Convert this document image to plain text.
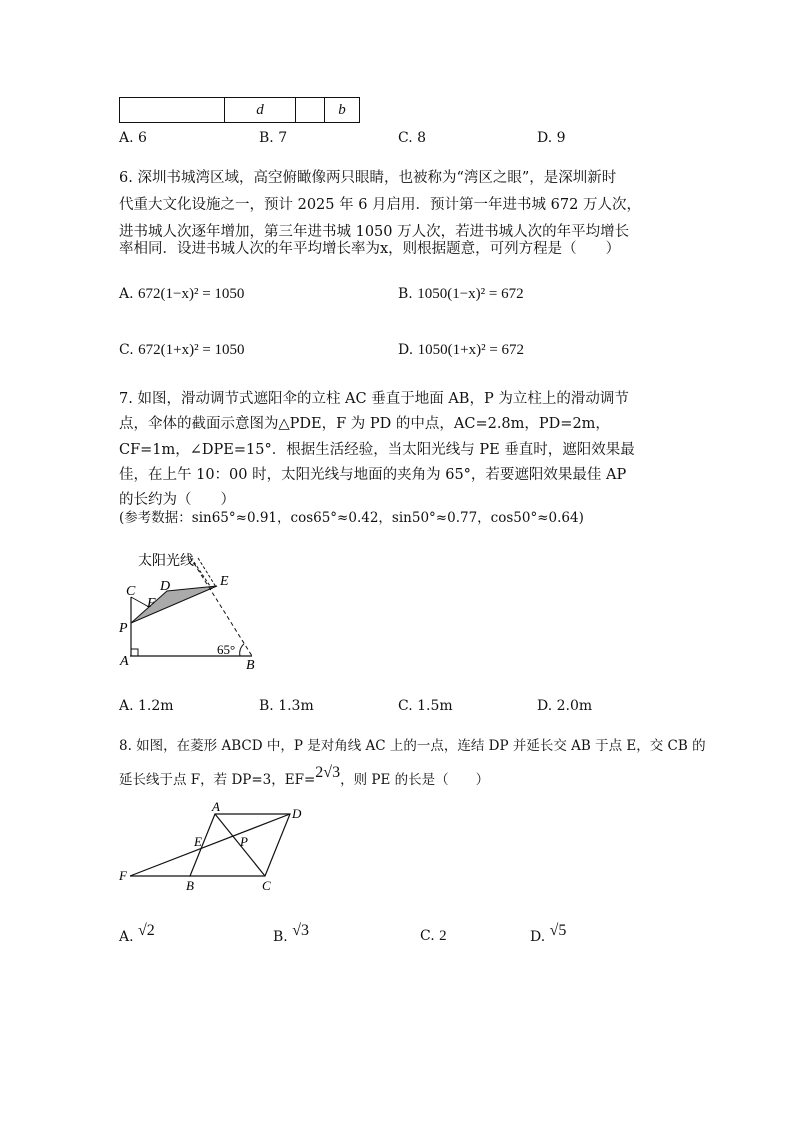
	d		b
A. 6	B. 7	C. 8	D. 9
6. 深圳书城湾区域，高空俯瞰像两只眼睛，也被称为“湾区之眼”，是深圳新时
代重大文化设施之一，预计 2025 年 6 月启用．预计第一年进书城 672 万人次，
进书城人次逐年增加，第三年进书城 1050 万人次，若进书城人次的年平均增长
率相同．设进书城人次的年平均增长率为x，则根据题意，可列方程是（　　）
A. 672(1−x)² = 1050	B. 1050(1−x)² = 672
C. 672(1+x)² = 1050	D. 1050(1+x)² = 672
7. 如图，滑动调节式遮阳伞的立柱 AC 垂直于地面 AB，P 为立柱上的滑动调节
点，伞体的截面示意图为△PDE，F 为 PD 的中点，AC=2.8m，PD=2m，
CF=1m，∠DPE=15°．根据生活经验，当太阳光线与 PE 垂直时，遮阳效果最
佳，在上午 10：00 时，太阳光线与地面的夹角为 65°，若要遮阳效果最佳 AP
的长约为（　　）
(参考数据：sin65°≈0.91，cos65°≈0.42，sin50°≈0.77，cos50°≈0.64)
太阳光线
C D
F
E
P
A	B
65°
A. 1.2m	B. 1.3m	C. 1.5m	D. 2.0m
8. 如图，在菱形 ABCD 中，P 是对角线 AC 上的一点，连结 DP 并延长交 AB 于点 E，交 CB 的
延长线于点 F，若 DP=3，EF=2√3，则 PE 的长是（　　）
A	D
E	P
F
B	C
A. √2	B. √3	C. 2	D. √5
